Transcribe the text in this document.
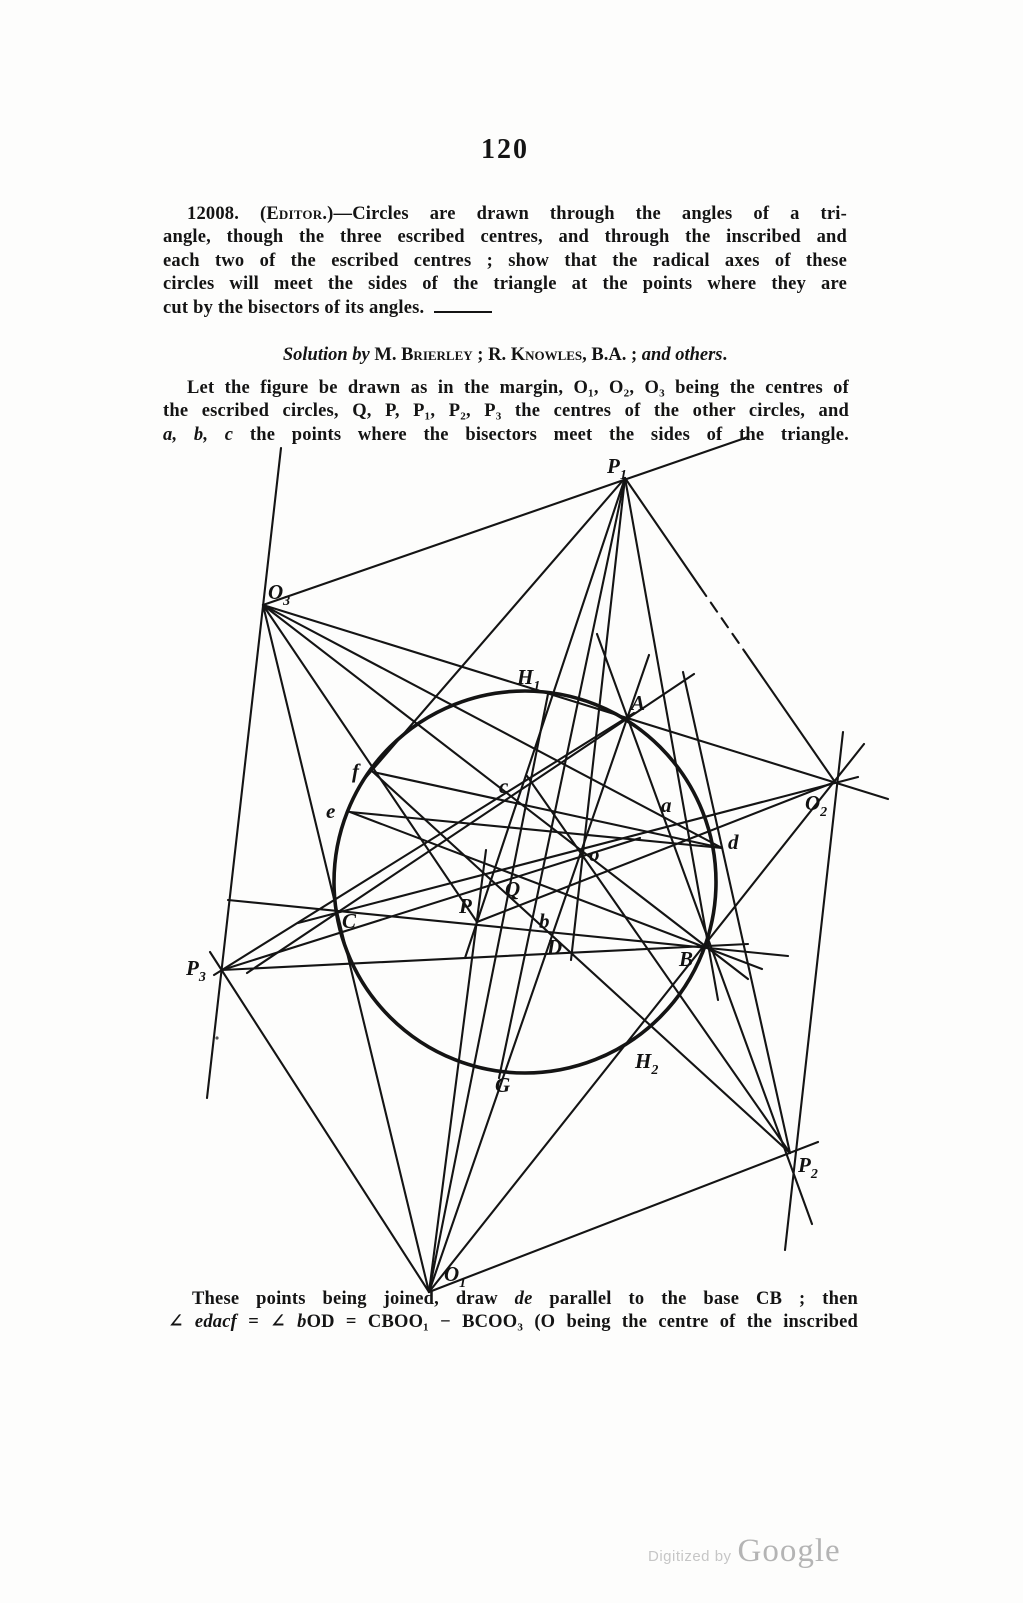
120
12008. (Editor.)—Circles are drawn through the angles of a tri-
angle, though the three escribed centres, and through the inscribed and
each two of the escribed centres ; show that the radical axes of these
circles will meet the sides of the triangle at the points where they are
cut by the bisectors of its angles.
Solution by M. Brierley ; R. Knowles, B.A. ; and others.
Let the figure be drawn as in the margin, O₁, O₂, O₃ being the centres of
the escribed circles, Q, P, P₁, P₂, P₃ the centres of the other circles, and
a, b, c the points where the bisectors meet the sides of the triangle.
$P_1$
$O_3$
$H_1$
A
f
c
e	a	$O_2$
d
o
Q
P
C	b
D	B
$P_3$
$H_2$
G
$P_2$
$O_1$
These points being joined, draw de parallel to the base CB ; then
∠ edacf = ∠ bOD = CBOO₁ − BCOO₃ (O being the centre of the inscribed
Digitized by Google
